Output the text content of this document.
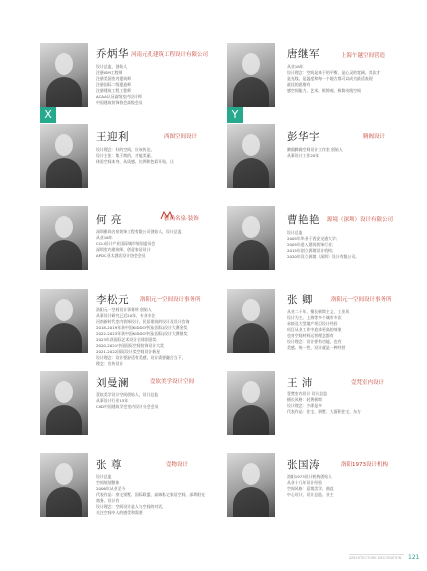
X	Y
乔炳华 河南元孔建筑工程设计有限公司
设计总监，创始人
注册ISM工程师
注册美国室内建筑师
注册国际二级建造师
注册建筑工程工程师
ACAA认证高级室内设计师
中国建筑装饰协会高级会员
唐继军	上海午越空间营造
从业18年
设计理念：空间是来于的平衡，是心灵的宽阔。其次才
是光线、是温度和每一个地方都可以成为最适表现
最佳的思维有
感空间能力，艺术、极简观、极简动线空间
王迎利	西图空间设计
设计理念：好的空间，应该传达，
设计主张：集于简约，才能美丽，
体验空间本身，从质感、比例和色彩开始，让
彭华宇	腾阁设计
腾阁腾阁空间设计工作室 创始人
从事设计工作20年
何 亮	雅尚名泉·装饰
深圳雅尚名泉装饰工程有限公司创始人，设计总监
从业16年
CCLI设计产业国际城市规划委员会
深圳室内建筑师、创意家居设计
APDC亚太酒店设计协会会员
曹艳艳 源境（深圳）设计有限公司
设计总监
2005年毕业于西安交通大学；
2005年进入建筑装饰行业；
2015年创立源境设计机构；
2020年设立源境（深圳）设计有限公司。
李松元 洛阳元一空间设计事务所
洛阳元一空间设计事务所 创始人
从事设计研究已近20年，专业专注
河南新时代室内装饰设计、民居建筑的设计及设计咨询
2018-2019年获中国KIDDO中国(国际)设计大赛金奖
2022-2023年获中国KIDDO中国(国际)设计大赛银奖
2023年获国际艺术设计全球创意奖
2020-2021中国国际空间装饰设计大奖
2021-2022国际设计奖空间设计新星
设计理念：设计要舒适有美感，设计需要融合当下，
理念：宣传设计
张 卿	洛阳元一空间设计事务所
从业二十年，擅长极简主义、工业风
设计为主。上海等多个城市多次
承接及大型地产项目设计经验
项目从业工作中追求更高的效果
也对空间材料运营理念都有
设计理念：设计要有功能，也有
美感、统一性，设计就是一种经营
刘曼澜	壹软美学设计空间
壹软美学设计空间创始人，设计总监
从事设计行业15年
CIID中国建筑学会室内设计分会会员
王 沛	壹梵室内设计
壹梵室内设计 设计总监
擅长风格：轻奢极简
设计理念：少即是多
代表作品：住宅、别墅、大面积住宅、东方
张 尊	壹物设计
设计总监
空间规划整体
2006年从业至今
代表作品：豪宅别墅、国际联盟、高端私宅家居空间、深圳阳光
商务、设计有
设计理念：空间设计是人与空间的对话，
关注空间中人的感受和需要
张国涛	洛阳1973设计机构
洛阳1973设计机构创始人
从业十几年设计经验
空间风格：意境美学、曲直
中心设计，设计总监、业主
ARCHITECTURE DECORATION 121
